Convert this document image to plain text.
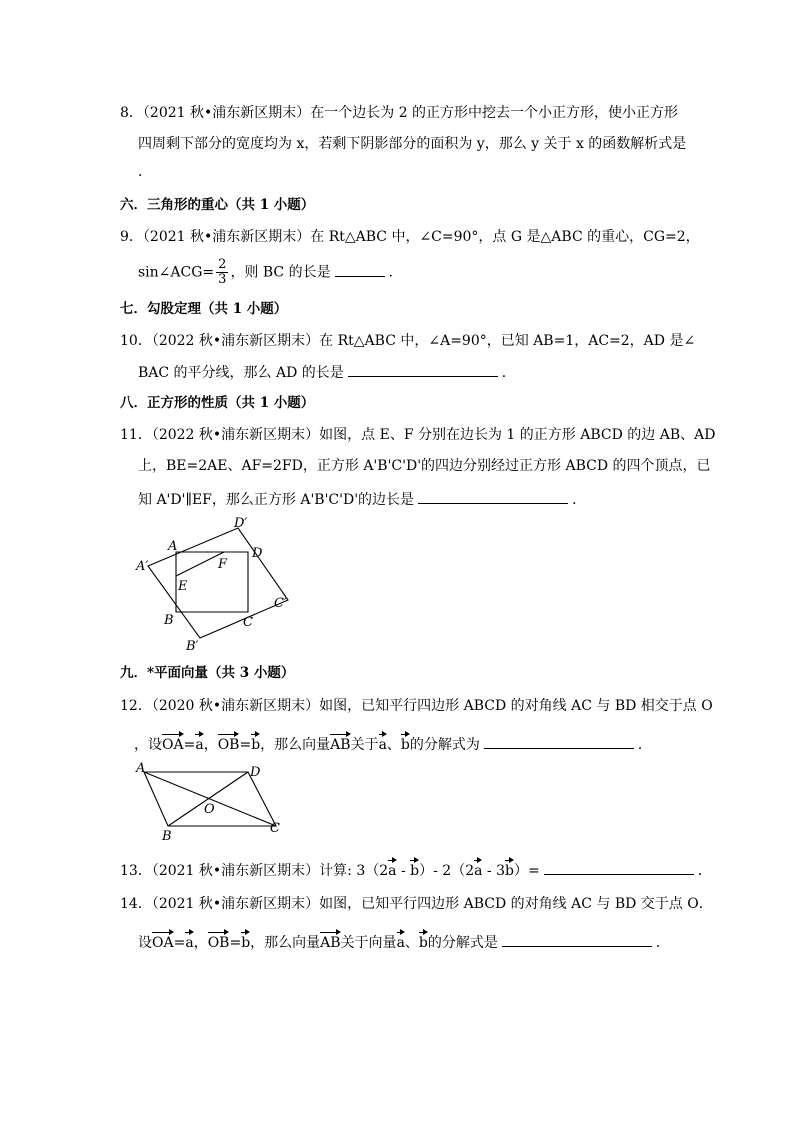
8．（2021 秋•浦东新区期末）在一个边长为 2 的正方形中挖去一个小正方形，使小正方形
四周剩下部分的宽度均为 x，若剩下阴影部分的面积为 y，那么 y 关于 x 的函数解析式是
．
六．三角形的重心（共 1 小题）
9．（2021 秋•浦东新区期末）在 Rt△ABC 中，∠C=90°，点 G 是△ABC 的重心，CG=2，
sin∠ACG= $\frac{2}{3}$ ，则 BC 的长是	．
七．勾股定理（共 1 小题）
10．（2022 秋•浦东新区期末）在 Rt△ABC 中，∠A=90°，已知 AB=1，AC=2，AD 是∠
BAC 的平分线，那么 AD 的长是	．
八．正方形的性质（共 1 小题）
11．（2022 秋•浦东新区期末）如图，点 E、F 分别在边长为 1 的正方形 ABCD 的边 AB、AD
上，BE=2AE、AF=2FD，正方形 A'B'C'D'的四边分别经过正方形 ABCD 的四个顶点，已
知 A'D'∥EF，那么正方形 A'B'C'D'的边长是	．
A′
A
D′
D
F
E
C′
C
B
B′
九．*平面向量（共 3 小题）
12．（2020 秋•浦东新区期末）如图，已知平行四边形 ABCD 的对角线 AC 与 BD 相交于点 O
，设OA=a，OB=b，那么向量AB关于a、b的分解式为	．
A	D
O
B
C
13．（2021 秋•浦东新区期末）计算: 3（2a - b）- 2（2a - 3b）=	．
14．（2021 秋•浦东新区期末）如图，已知平行四边形 ABCD 的对角线 AC 与 BD 交于点 O．
设OA=a，OB=b，那么向量AB关于向量a、b的分解式是	．
